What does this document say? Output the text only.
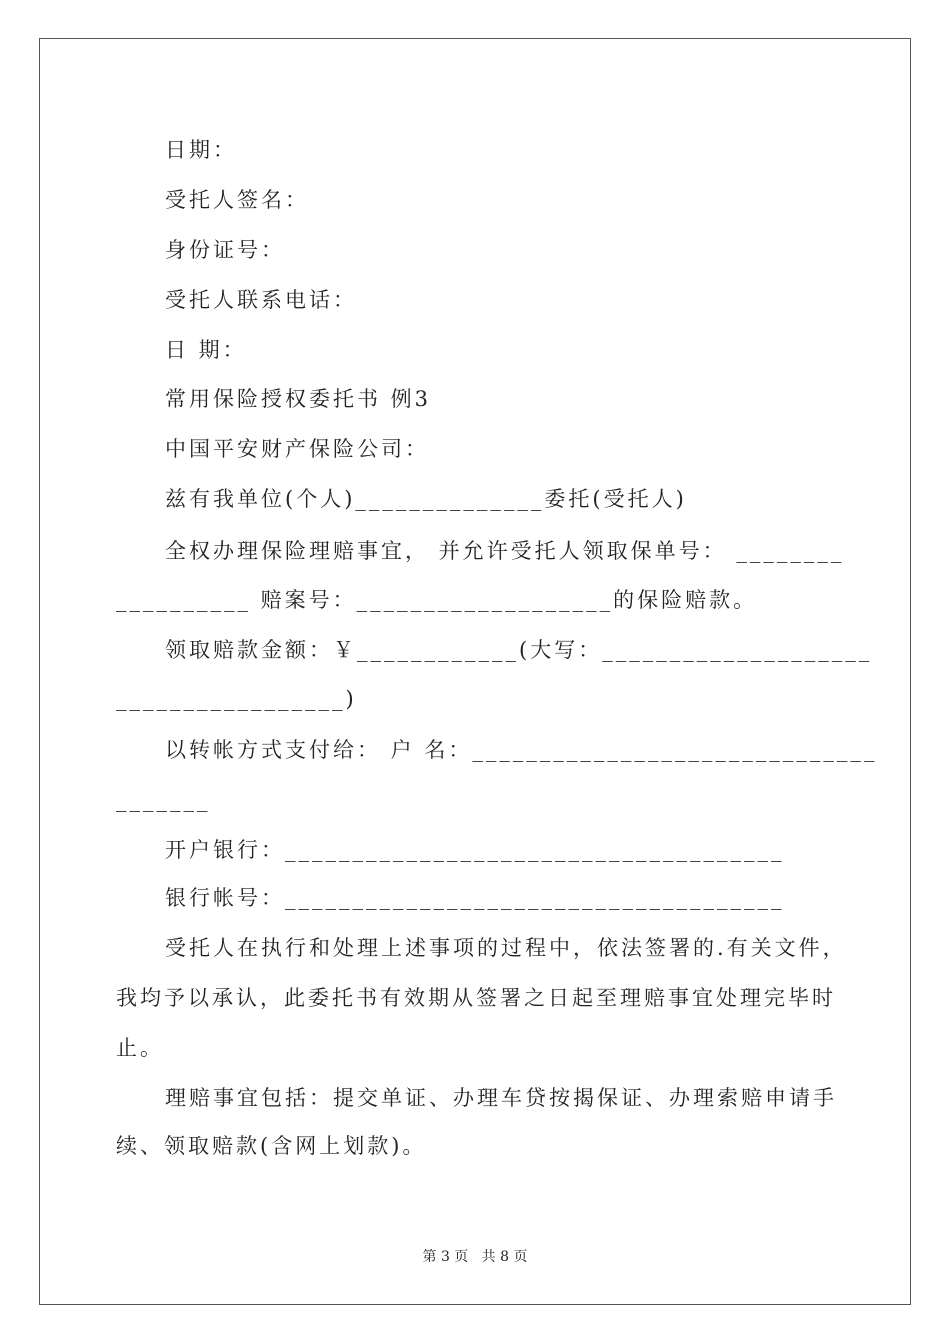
日期：
受托人签名：
身份证号：
受托人联系电话：
日 期：
常用保险授权委托书 例3
中国平安财产保险公司：
兹有我单位(个人)______________委托(受托人)
全权办理保险理赔事宜， 并允许受托人领取保单号： ________
__________ 赔案号：___________________的保险赔款。
领取赔款金额：￥____________(大写：____________________
_________________)
以转帐方式支付给： 户 名：______________________________
_______
开户银行：_____________________________________
银行帐号：_____________________________________
受托人在执行和处理上述事项的过程中，依法签署的.有关文件，
我均予以承认，此委托书有效期从签署之日起至理赔事宜处理完毕时
止。
理赔事宜包括：提交单证、办理车贷按揭保证、办理索赔申请手
续、领取赔款(含网上划款)。
第 3 页 共 8 页
